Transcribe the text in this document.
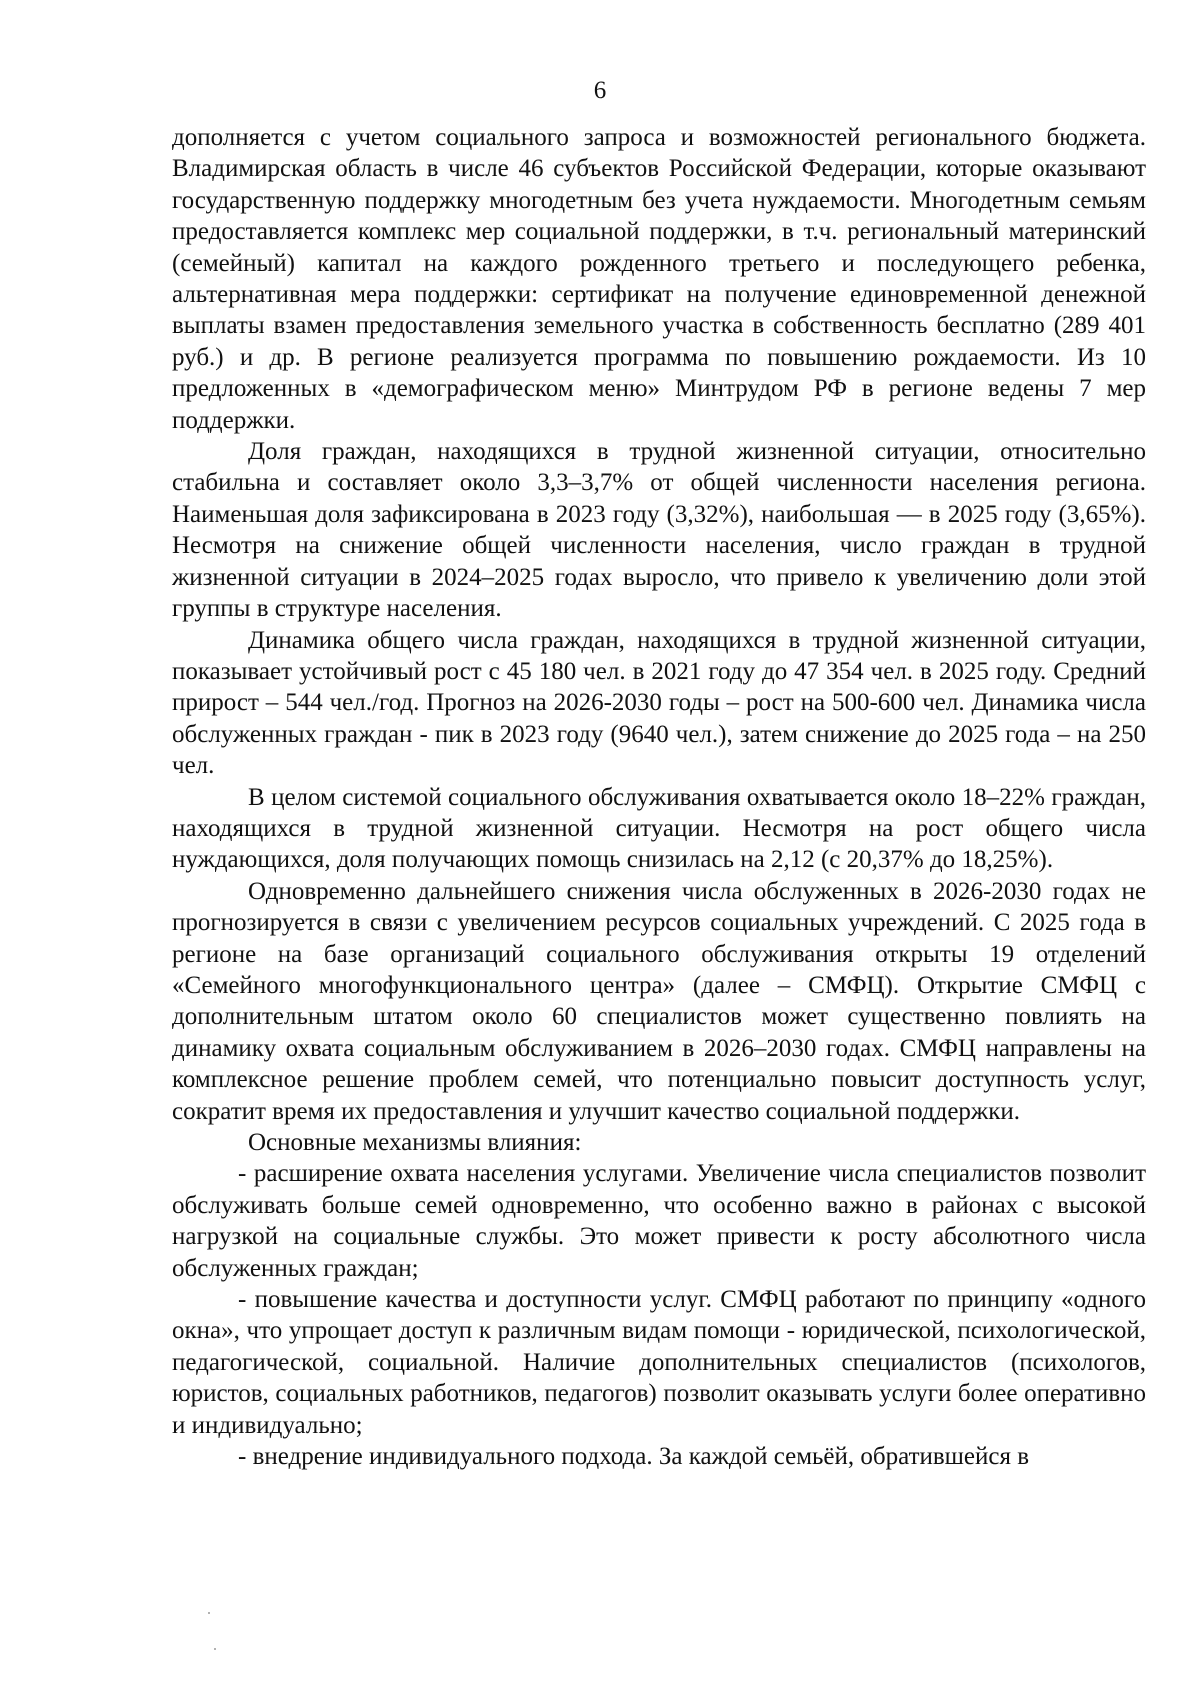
6

дополняется с учетом социального запроса и возможностей регионального бюджета. Владимирская область в числе 46 субъектов Российской Федерации, которые оказывают государственную поддержку многодетным без учета нуждаемости. Многодетным семьям предоставляется комплекс мер социальной поддержки, в т.ч. региональный материнский (семейный) капитал на каждого рожденного третьего и последующего ребенка, альтернативная мера поддержки: сертификат на получение единовременной денежной выплаты взамен предоставления земельного участка в собственность бесплатно (289 401 руб.) и др. В регионе реализуется программа по повышению рождаемости. Из 10 предложенных в «демографическом меню» Минтрудом РФ в регионе ведены 7 мер поддержки.

Доля граждан, находящихся в трудной жизненной ситуации, относительно стабильна и составляет около 3,3–3,7% от общей численности населения региона. Наименьшая доля зафиксирована в 2023 году (3,32%), наибольшая — в 2025 году (3,65%). Несмотря на снижение общей численности населения, число граждан в трудной жизненной ситуации в 2024–2025 годах выросло, что привело к увеличению доли этой группы в структуре населения.

Динамика общего числа граждан, находящихся в трудной жизненной ситуации, показывает устойчивый рост с 45 180 чел. в 2021 году до 47 354 чел. в 2025 году. Средний прирост – 544 чел./год. Прогноз на 2026-2030 годы – рост на 500-600 чел. Динамика числа обслуженных граждан - пик в 2023 году (9640 чел.), затем снижение до 2025 года – на 250 чел.

В целом системой социального обслуживания охватывается около 18–22% граждан, находящихся в трудной жизненной ситуации. Несмотря на рост общего числа нуждающихся, доля получающих помощь снизилась на 2,12 (с 20,37% до 18,25%).

Одновременно дальнейшего снижения числа обслуженных в 2026-2030 годах не прогнозируется в связи с увеличением ресурсов социальных учреждений. С 2025 года в регионе на базе организаций социального обслуживания открыты 19 отделений «Семейного многофункционального центра» (далее – СМФЦ). Открытие СМФЦ с дополнительным штатом около 60 специалистов может существенно повлиять на динамику охвата социальным обслуживанием в 2026–2030 годах. СМФЦ направлены на комплексное решение проблем семей, что потенциально повысит доступность услуг, сократит время их предоставления и улучшит качество социальной поддержки.

Основные механизмы влияния:

- расширение охвата населения услугами. Увеличение числа специалистов позволит обслуживать больше семей одновременно, что особенно важно в районах с высокой нагрузкой на социальные службы. Это может привести к росту абсолютного числа обслуженных граждан;

- повышение качества и доступности услуг. СМФЦ работают по принципу «одного окна», что упрощает доступ к различным видам помощи - юридической, психологической, педагогической, социальной. Наличие дополнительных специалистов (психологов, юристов, социальных работников, педагогов) позволит оказывать услуги более оперативно и индивидуально;

- внедрение индивидуального подхода. За каждой семьёй, обратившейся в
